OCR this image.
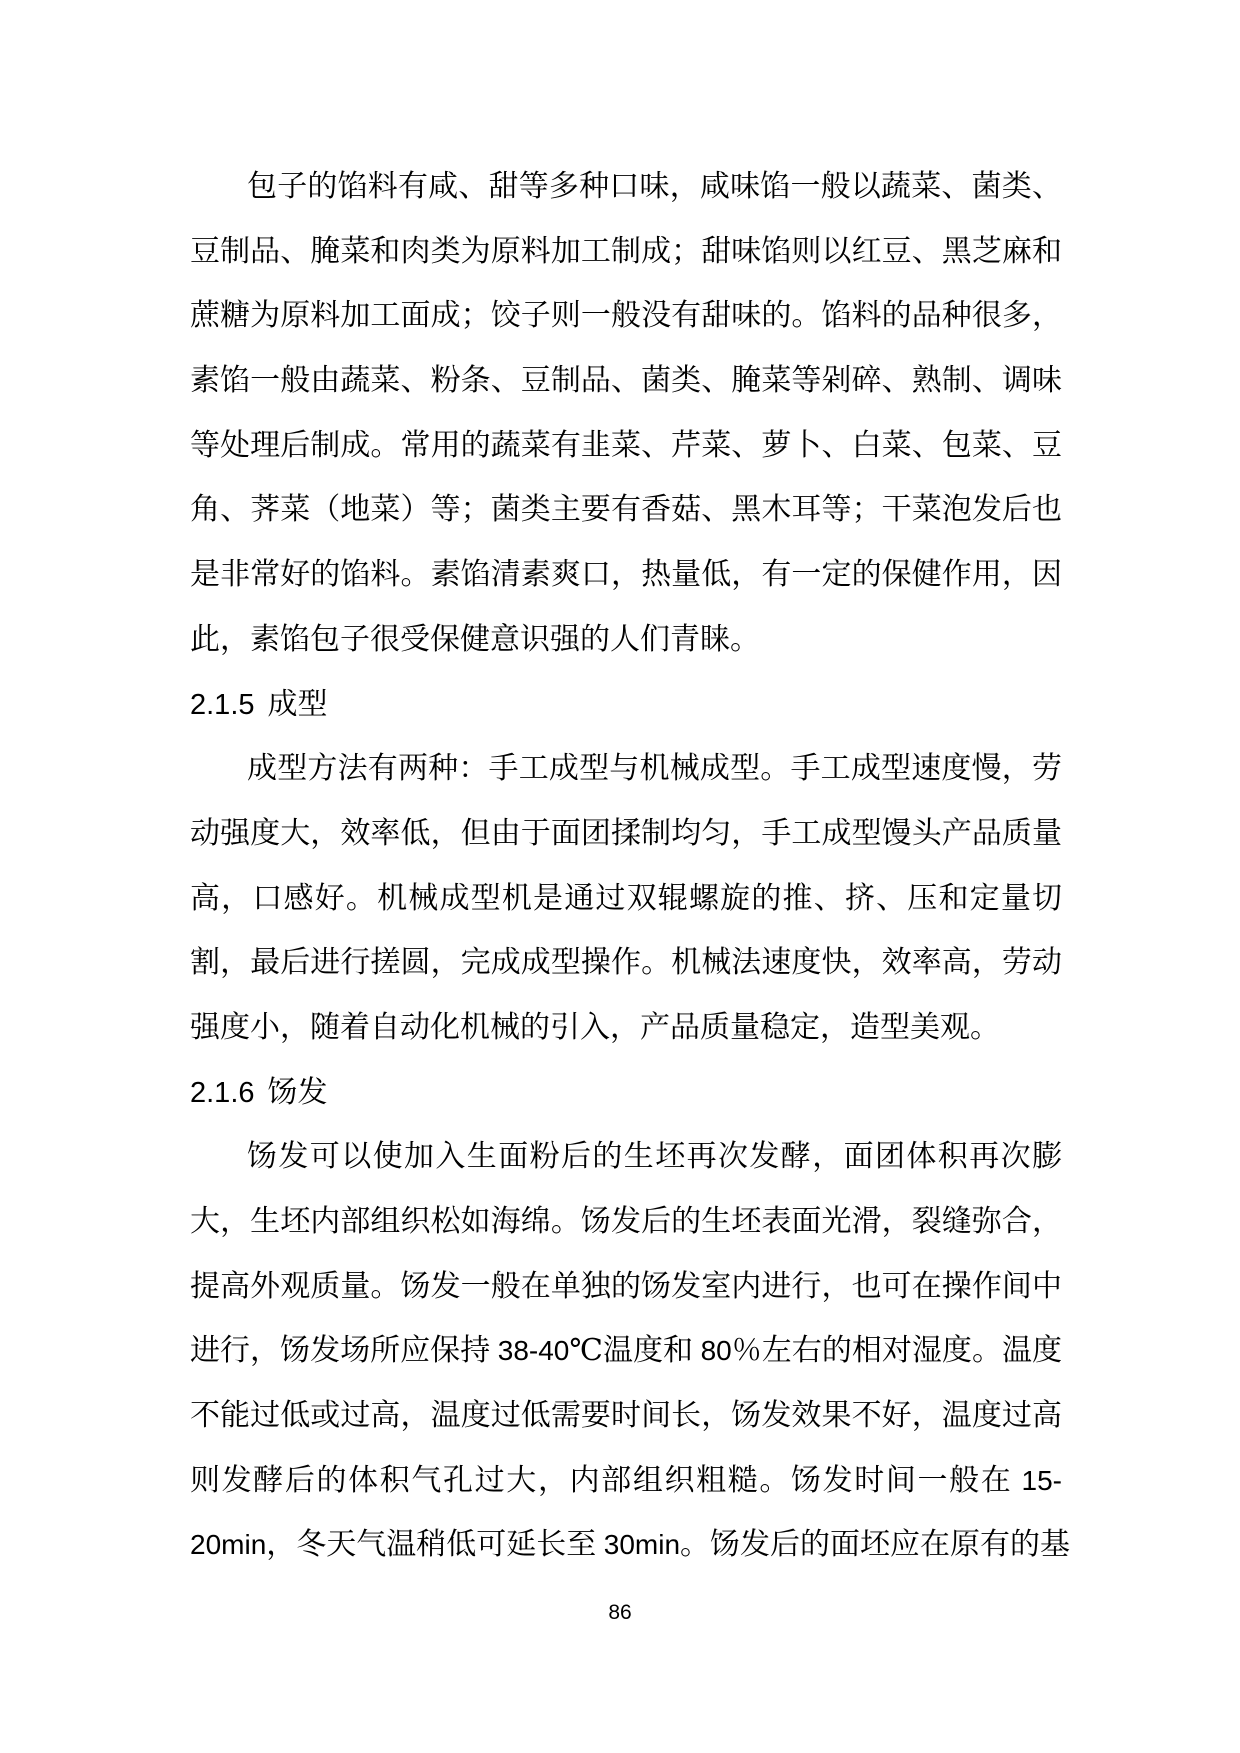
包子的馅料有咸、甜等多种口味，咸味馅一般以蔬菜、菌类、
豆制品、腌菜和肉类为原料加工制成；甜味馅则以红豆、黑芝麻和
蔗糖为原料加工面成；饺子则一般没有甜味的。馅料的品种很多，
素馅一般由蔬菜、粉条、豆制品、菌类、腌菜等剁碎、熟制、调味
等处理后制成。常用的蔬菜有韭菜、芹菜、萝卜、白菜、包菜、豆
角、荠菜（地菜）等；菌类主要有香菇、黑木耳等；干菜泡发后也
是非常好的馅料。素馅清素爽口，热量低，有一定的保健作用，因
此，素馅包子很受保健意识强的人们青睐。
2.1.5 成型
成型方法有两种：手工成型与机械成型。手工成型速度慢，劳
动强度大，效率低，但由于面团揉制均匀，手工成型馒头产品质量
高，口感好。机械成型机是通过双辊螺旋的推、挤、压和定量切
割，最后进行搓圆，完成成型操作。机械法速度快，效率高，劳动
强度小，随着自动化机械的引入，产品质量稳定，造型美观。
2.1.6 饧发
饧发可以使加入生面粉后的生坯再次发酵，面团体积再次膨
大，生坯内部组织松如海绵。饧发后的生坯表面光滑，裂缝弥合，
提高外观质量。饧发一般在单独的饧发室内进行，也可在操作间中
进行，饧发场所应保持 38-40℃温度和 80％左右的相对湿度。温度
不能过低或过高，温度过低需要时间长，饧发效果不好，温度过高
则发酵后的体积气孔过大，内部组织粗糙。饧发时间一般在 15-
20min，冬天气温稍低可延长至 30min。饧发后的面坯应在原有的基
86
